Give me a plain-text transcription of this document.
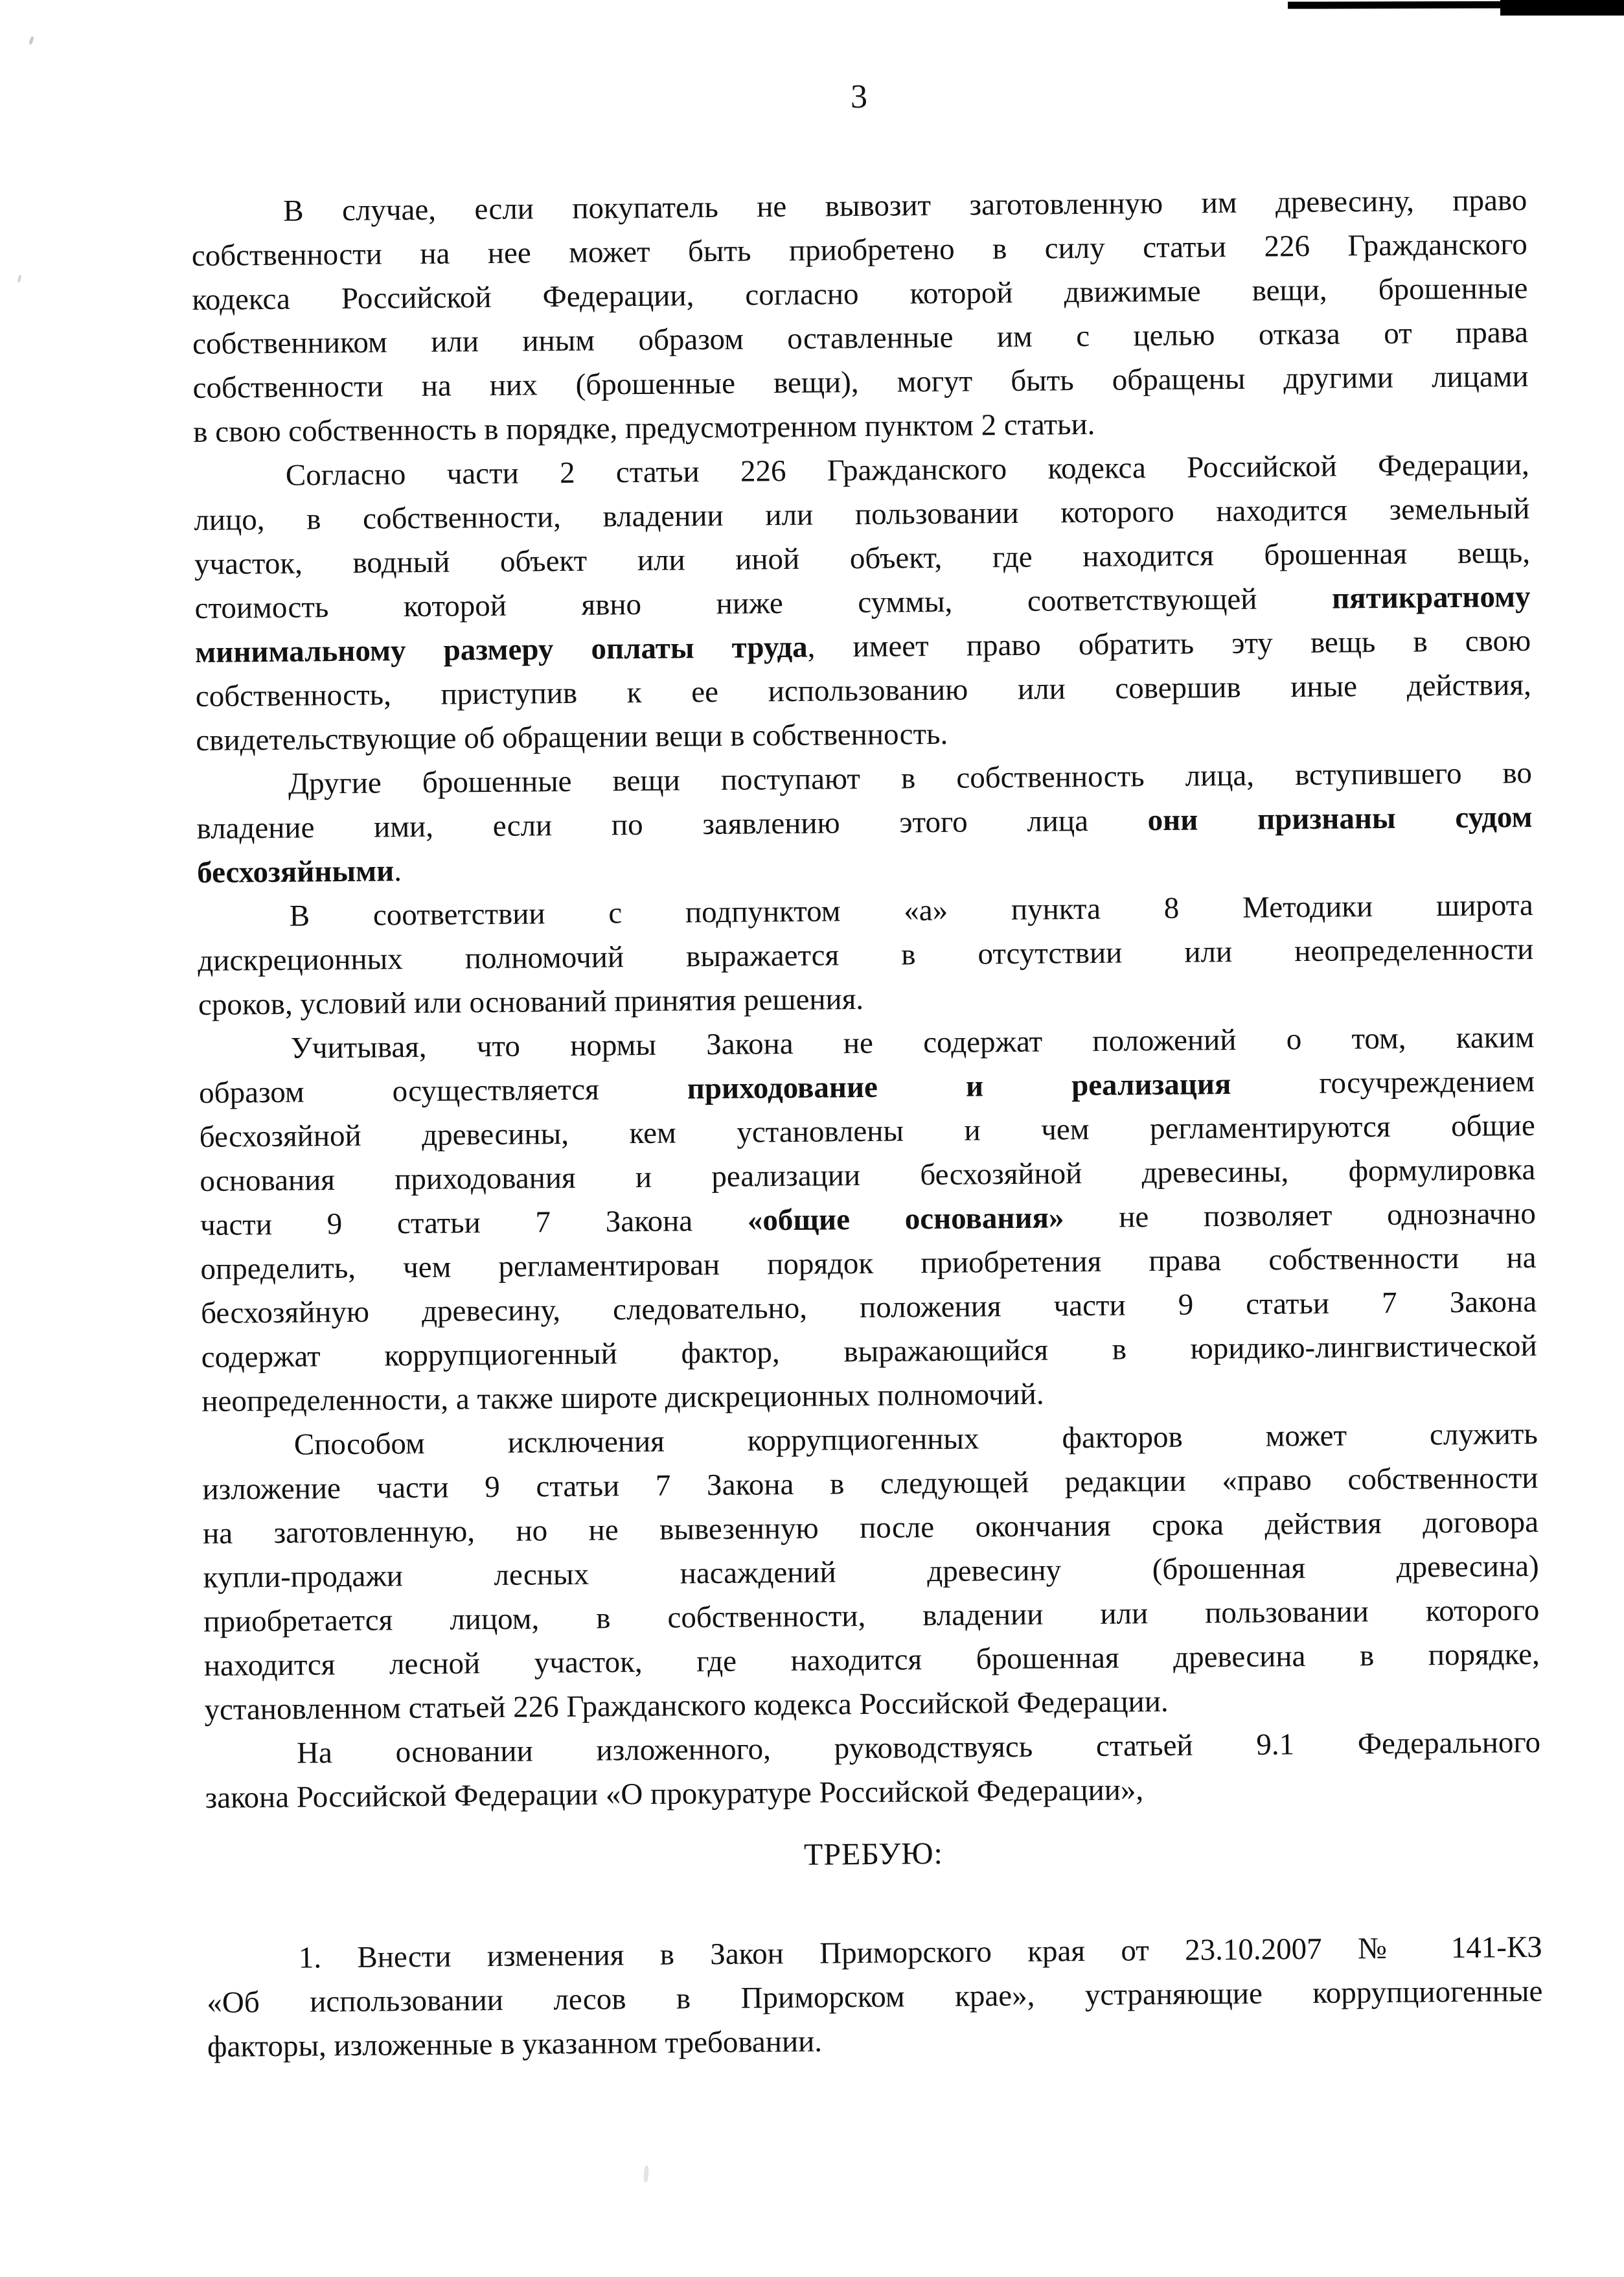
3
В случае, если покупатель не вывозит заготовленную им древесину, право
собственности на нее может быть приобретено в силу статьи 226 Гражданского
кодекса Российской Федерации, согласно которой движимые вещи, брошенные
собственником или иным образом оставленные им с целью отказа от права
собственности на них (брошенные вещи), могут быть обращены другими лицами
в свою собственность в порядке, предусмотренном пунктом 2 статьи.
Согласно части 2 статьи 226 Гражданского кодекса Российской Федерации,
лицо, в собственности, владении или пользовании которого находится земельный
участок, водный объект или иной объект, где находится брошенная вещь,
стоимость которой явно ниже суммы, соответствующей пятикратному
минимальному размеру оплаты труда, имеет право обратить эту вещь в свою
собственность, приступив к ее использованию или совершив иные действия,
свидетельствующие об обращении вещи в собственность.
Другие брошенные вещи поступают в собственность лица, вступившего во
владение ими, если по заявлению этого лица они признаны судом
бесхозяйными.
В соответствии с подпунктом «а» пункта 8 Методики широта
дискреционных полномочий выражается в отсутствии или неопределенности
сроков, условий или оснований принятия решения.
Учитывая, что нормы Закона не содержат положений о том, каким
образом осуществляется приходование и реализация госучреждением
бесхозяйной древесины, кем установлены и чем регламентируются общие
основания приходования и реализации бесхозяйной древесины, формулировка
части 9 статьи 7 Закона «общие основания» не позволяет однозначно
определить, чем регламентирован порядок приобретения права собственности на
бесхозяйную древесину, следовательно, положения части 9 статьи 7 Закона
содержат коррупциогенный фактор, выражающийся в юридико-лингвистической
неопределенности, а также широте дискреционных полномочий.
Способом исключения коррупциогенных факторов может служить
изложение части 9 статьи 7 Закона в следующей редакции «право собственности
на заготовленную, но не вывезенную после окончания срока действия договора
купли-продажи лесных насаждений древесину (брошенная древесина)
приобретается лицом, в собственности, владении или пользовании которого
находится лесной участок, где находится брошенная древесина в порядке,
установленном статьей 226 Гражданского кодекса Российской Федерации.
На основании изложенного, руководствуясь статьей 9.1 Федерального
закона Российской Федерации «О прокуратуре Российской Федерации»,
ТРЕБУЮ:
1. Внести изменения в Закон Приморского края от 23.10.2007 № 141-КЗ
«Об использовании лесов в Приморском крае», устраняющие коррупциогенные
факторы, изложенные в указанном требовании.
